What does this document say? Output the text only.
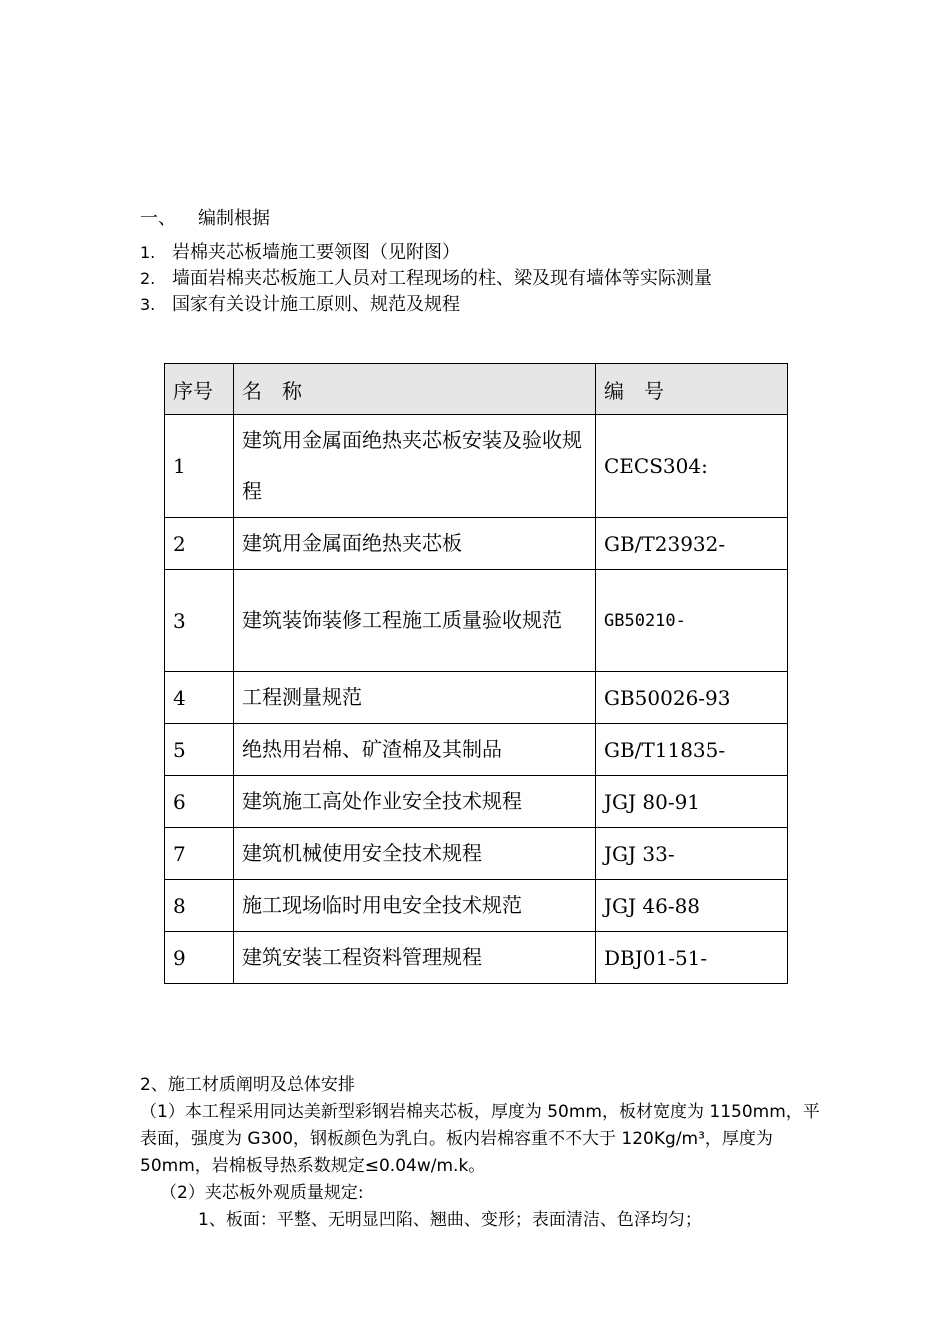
一、 编制根据
1. 岩棉夹芯板墙施工要领图（见附图）
2. 墙面岩棉夹芯板施工人员对工程现场的柱、梁及现有墙体等实际测量
3. 国家有关设计施工原则、规范及规程
序号	名　称	编　号
1	建筑用金属面绝热夹芯板安装及验收规程	CECS304:
2	建筑用金属面绝热夹芯板	GB/T23932-
3	建筑装饰装修工程施工质量验收规范	GB50210-
4	工程测量规范	GB50026-93
5	绝热用岩棉、矿渣棉及其制品	GB/T11835-
6	建筑施工高处作业安全技术规程	JGJ 80-91
7	建筑机械使用安全技术规程	JGJ 33-
8	施工现场临时用电安全技术规范	JGJ 46-88
9	建筑安装工程资料管理规程	DBJ01-51-

2、施工材质阐明及总体安排

（1）本工程采用同达美新型彩钢岩棉夹芯板，厚度为 50mm，板材宽度为 1150mm，平表面，强度为 G300，钢板颜色为乳白。板内岩棉容重不不大于 120Kg/m³，厚度为 50mm，岩棉板导热系数规定≤0.04w/m.k。

（2）夹芯板外观质量规定:

1、板面：平整、无明显凹陷、翘曲、变形；表面清洁、色泽均匀；
